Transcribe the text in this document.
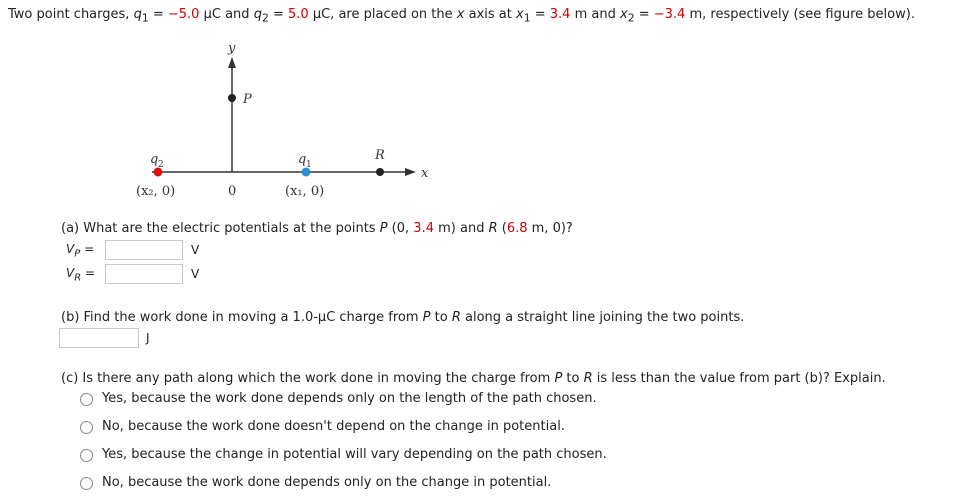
Two point charges, $q_1 = -5.0$ µC and $q_2 = 5.0$ µC, are placed on the x axis at $x_1 = 3.4$ m and $x_2 = -3.4$ m, respectively (see figure below).
y
x
P
q 2
(x₂, 0)	0
q 1
(x₁, 0)
R
(a) What are the electric potentials at the points P (0, 3.4 m) and R (6.8 m, 0)?
$V_P$ =	V
$V_R$ =	V
(b) Find the work done in moving a 1.0-µC charge from P to R along a straight line joining the two points.
J
(c) Is there any path along which the work done in moving the charge from P to R is less than the value from part (b)? Explain.
Yes, because the work done depends only on the length of the path chosen.
No, because the work done doesn't depend on the change in potential.
Yes, because the change in potential will vary depending on the path chosen.
No, because the work done depends only on the change in potential.
